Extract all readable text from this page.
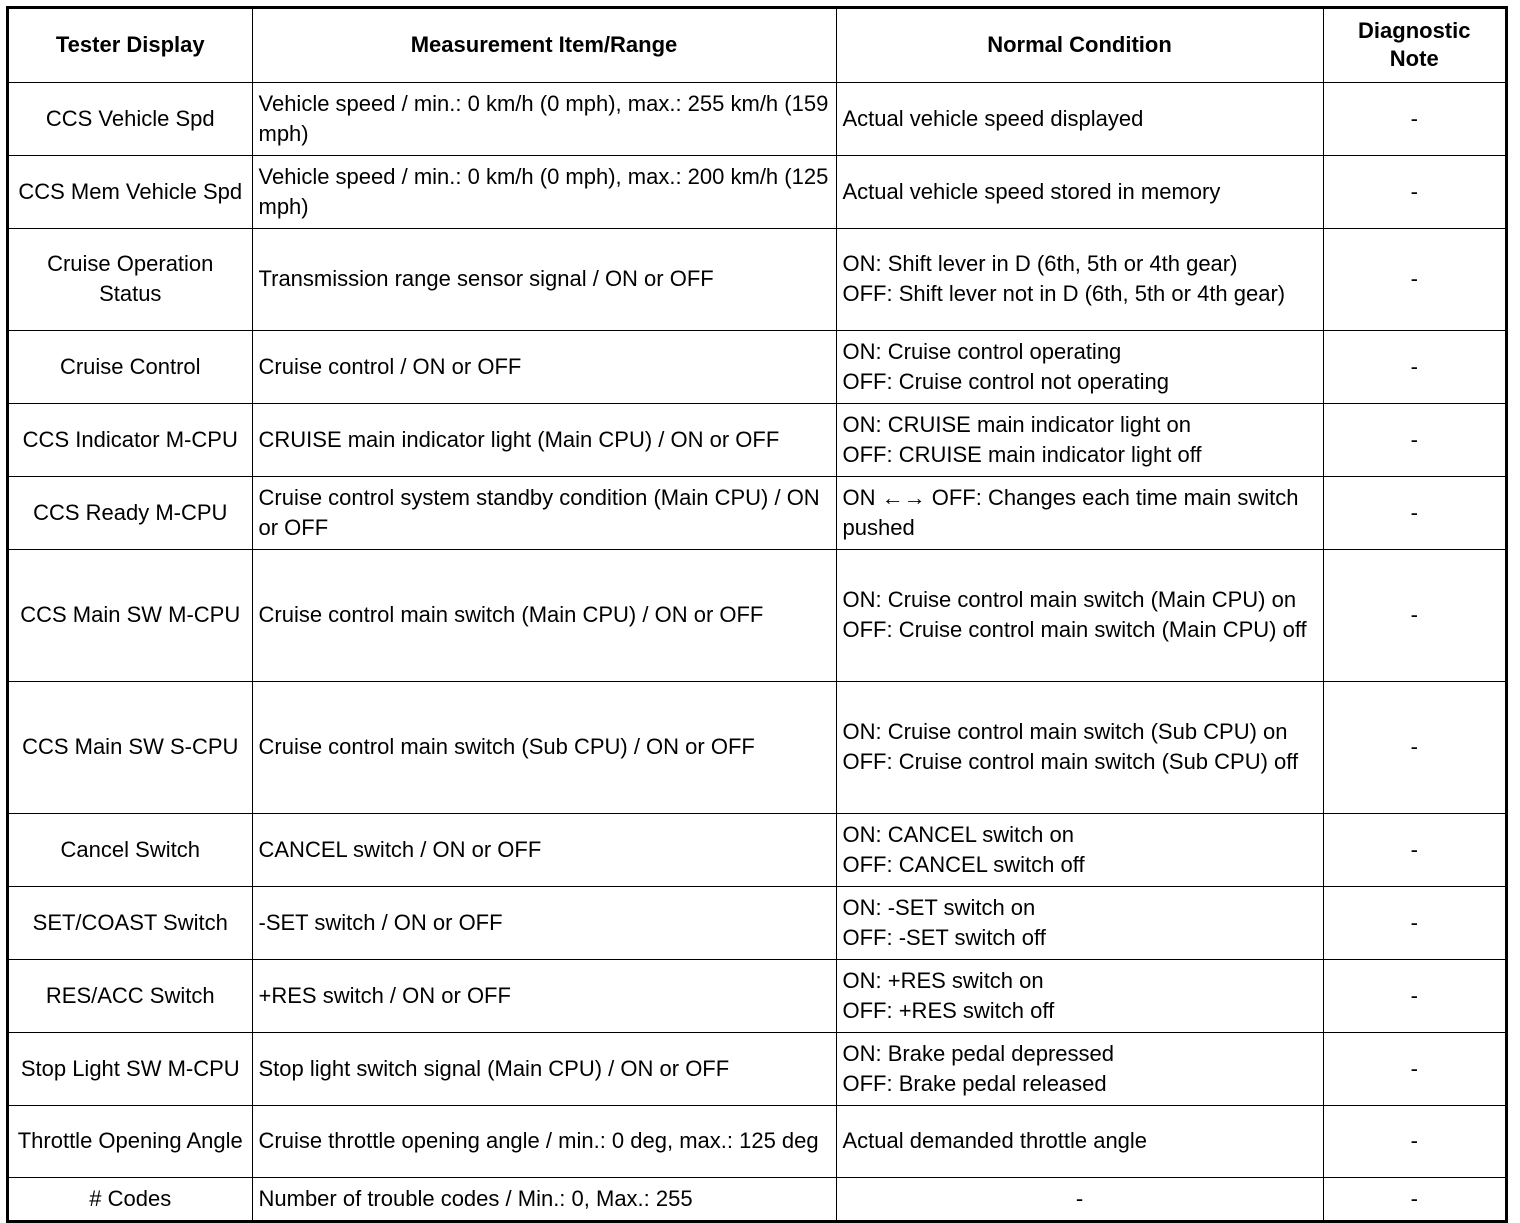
Tester Display	Measurement Item/Range	Normal Condition	Diagnostic
Note

CCS Vehicle Spd	Vehicle speed / min.: 0 km/h (0 mph), max.: 255 km/h (159 mph)	Actual vehicle speed displayed	-
CCS Mem Vehicle Spd	Vehicle speed / min.: 0 km/h (0 mph), max.: 200 km/h (125 mph)	Actual vehicle speed stored in memory	-
Cruise Operation Status	Transmission range sensor signal / ON or OFF	ON: Shift lever in D (6th, 5th or 4th gear)
OFF: Shift lever not in D (6th, 5th or 4th gear)	-
Cruise Control	Cruise control / ON or OFF	ON: Cruise control operating
OFF: Cruise control not operating	-
CCS Indicator M-CPU	CRUISE main indicator light (Main CPU) / ON or OFF	ON: CRUISE main indicator light on
OFF: CRUISE main indicator light off	-
CCS Ready M-CPU	Cruise control system standby condition (Main CPU) / ON or OFF	ON ←→ OFF: Changes each time main switch pushed	-
CCS Main SW M-CPU	Cruise control main switch (Main CPU) / ON or OFF	ON: Cruise control main switch (Main CPU) on
OFF: Cruise control main switch (Main CPU) off	-
CCS Main SW S-CPU	Cruise control main switch (Sub CPU) / ON or OFF	ON: Cruise control main switch (Sub CPU) on
OFF: Cruise control main switch (Sub CPU) off	-
Cancel Switch	CANCEL switch / ON or OFF	ON: CANCEL switch on
OFF: CANCEL switch off	-
SET/COAST Switch	-SET switch / ON or OFF	ON: -SET switch on
OFF: -SET switch off	-
RES/ACC Switch	+RES switch / ON or OFF	ON: +RES switch on
OFF: +RES switch off	-
Stop Light SW M-CPU	Stop light switch signal (Main CPU) / ON or OFF	ON: Brake pedal depressed
OFF: Brake pedal released	-
Throttle Opening Angle	Cruise throttle opening angle / min.: 0 deg, max.: 125 deg	Actual demanded throttle angle	-
# Codes	Number of trouble codes / Min.: 0, Max.: 255	-	-
